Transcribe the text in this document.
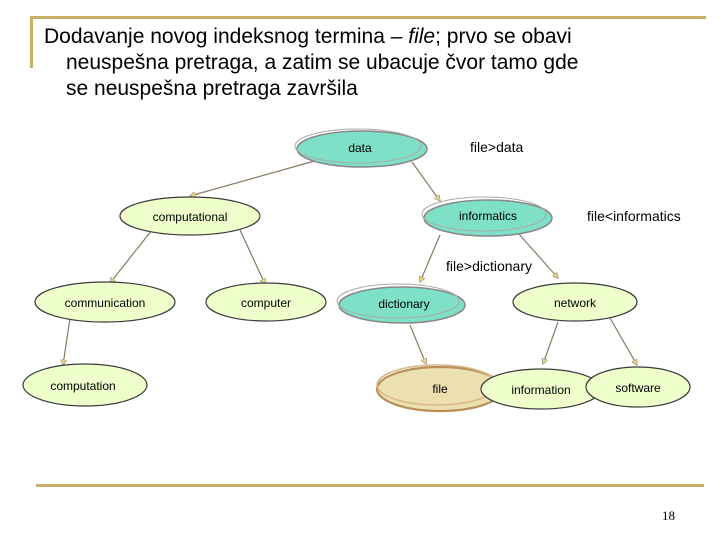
Dodavanje novog indeksnog termina – file; prvo se obavi
neuspešna pretraga, a zatim se ubacuje čvor tamo gde
se neuspešna pretraga završila

data
informatics
computational
communication	computer	dictionary	network
computation	file	information	software
file>data
file<informatics
file>dictionary
18
